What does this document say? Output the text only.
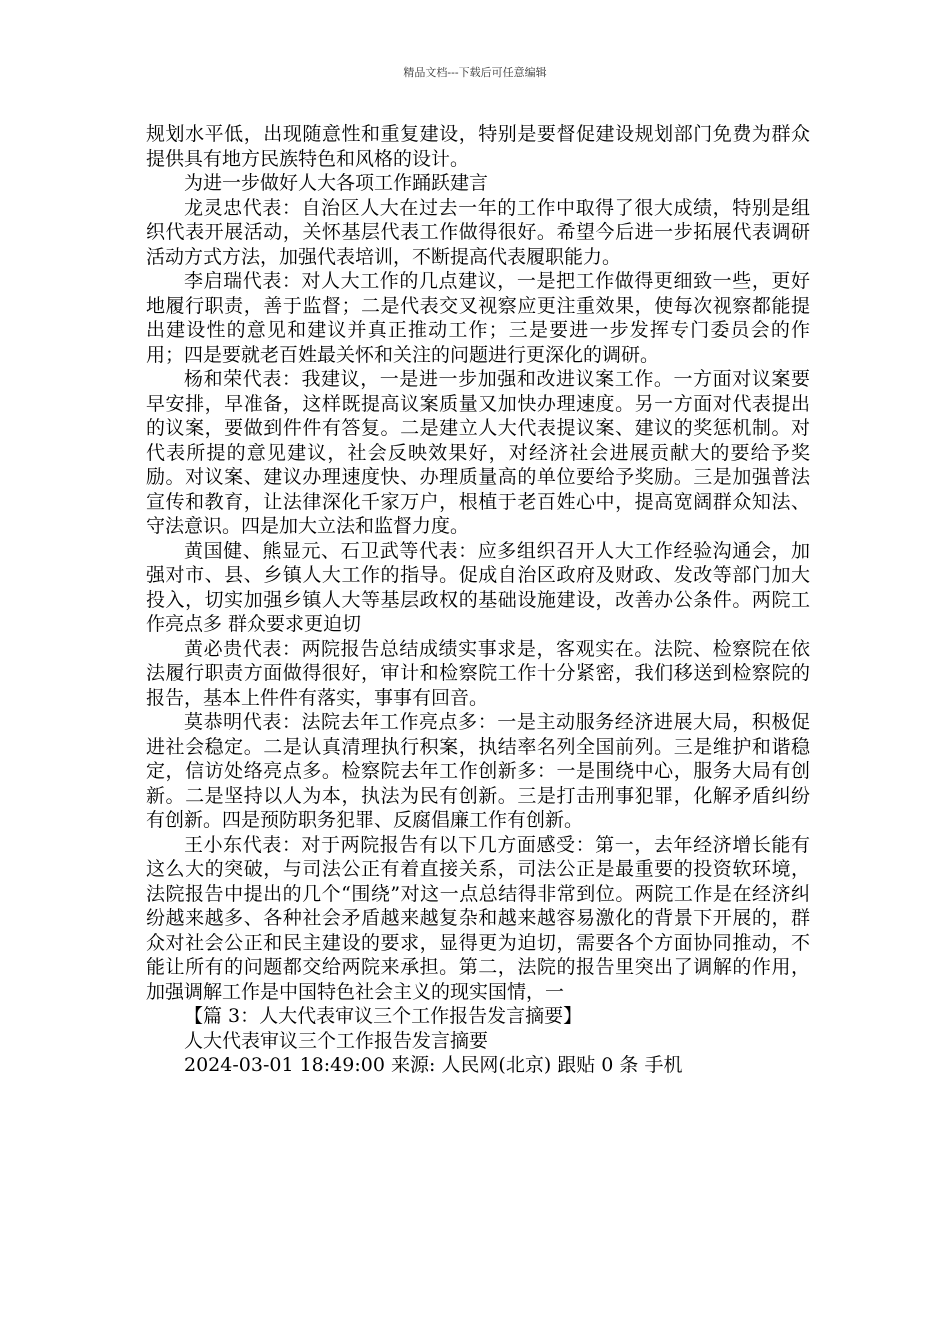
精品文档---下载后可任意编辑

规划水平低，出现随意性和重复建设，特别是要督促建设规划部门免费为群众提供具有地方民族特色和风格的设计。

为进一步做好人大各项工作踊跃建言

龙灵忠代表：自治区人大在过去一年的工作中取得了很大成绩，特别是组织代表开展活动，关怀基层代表工作做得很好。希望今后进一步拓展代表调研活动方式方法，加强代表培训，不断提高代表履职能力。

李启瑞代表：对人大工作的几点建议，一是把工作做得更细致一些，更好地履行职责，善于监督；二是代表交叉视察应更注重效果，使每次视察都能提出建设性的意见和建议并真正推动工作；三是要进一步发挥专门委员会的作用；四是要就老百姓最关怀和关注的问题进行更深化的调研。

杨和荣代表：我建议，一是进一步加强和改进议案工作。一方面对议案要早安排，早准备，这样既提高议案质量又加快办理速度。另一方面对代表提出的议案，要做到件件有答复。二是建立人大代表提议案、建议的奖惩机制。对代表所提的意见建议，社会反映效果好，对经济社会进展贡献大的要给予奖励。对议案、建议办理速度快、办理质量高的单位要给予奖励。三是加强普法宣传和教育，让法律深化千家万户，根植于老百姓心中，提高宽阔群众知法、守法意识。四是加大立法和监督力度。

黄国健、熊显元、石卫武等代表：应多组织召开人大工作经验沟通会，加强对市、县、乡镇人大工作的指导。促成自治区政府及财政、发改等部门加大投入，切实加强乡镇人大等基层政权的基础设施建设，改善办公条件。两院工作亮点多 群众要求更迫切

黄必贵代表：两院报告总结成绩实事求是，客观实在。法院、检察院在依法履行职责方面做得很好，审计和检察院工作十分紧密，我们移送到检察院的报告，基本上件件有落实，事事有回音。

莫恭明代表：法院去年工作亮点多：一是主动服务经济进展大局，积极促进社会稳定。二是认真清理执行积案，执结率名列全国前列。三是维护和谐稳定，信访处络亮点多。检察院去年工作创新多：一是围绕中心，服务大局有创新。二是坚持以人为本，执法为民有创新。三是打击刑事犯罪，化解矛盾纠纷有创新。四是预防职务犯罪、反腐倡廉工作有创新。

王小东代表：对于两院报告有以下几方面感受：第一，去年经济增长能有这么大的突破，与司法公正有着直接关系，司法公正是最重要的投资软环境，法院报告中提出的几个“围绕”对这一点总结得非常到位。两院工作是在经济纠纷越来越多、各种社会矛盾越来越复杂和越来越容易激化的背景下开展的，群众对社会公正和民主建设的要求，显得更为迫切，需要各个方面协同推动，不能让所有的问题都交给两院来承担。第二，法院的报告里突出了调解的作用，加强调解工作是中国特色社会主义的现实国情，一

【篇 3：人大代表审议三个工作报告发言摘要】

人大代表审议三个工作报告发言摘要

2024-03-01 18:49:00 来源: 人民网(北京) 跟贴 0 条 手机
